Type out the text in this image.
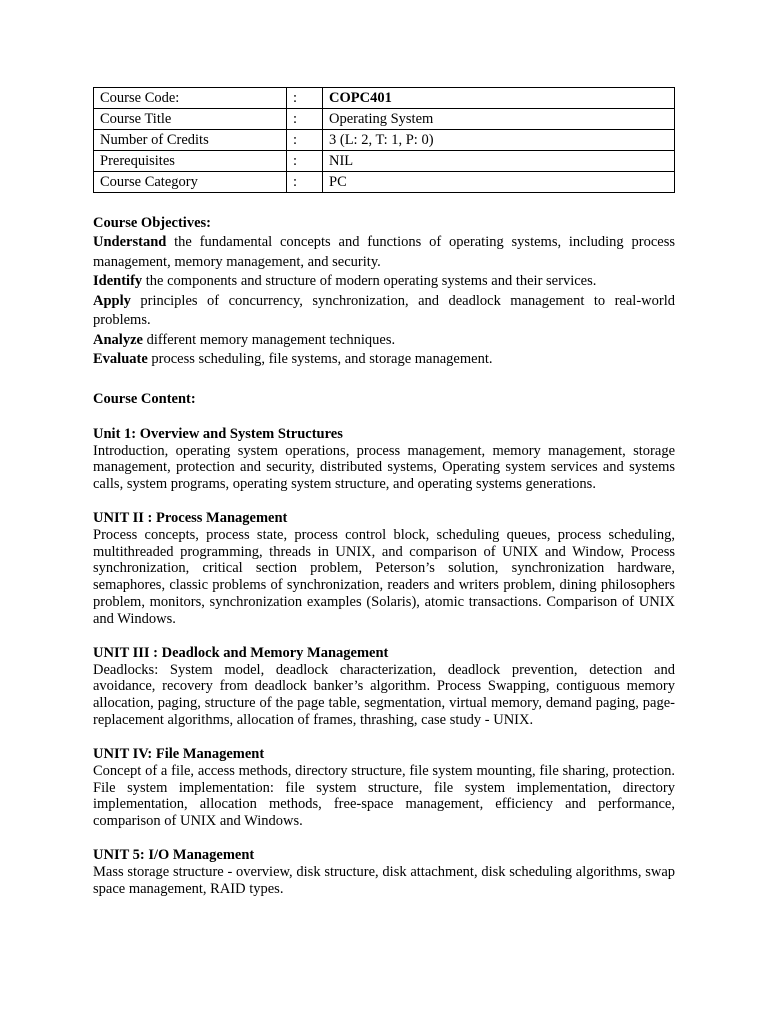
Course Code:	:	COPC401
Course Title	:	Operating System
Number of Credits	:	3 (L: 2, T: 1, P: 0)
Prerequisites	:	NIL
Course Category	:	PC

Course Objectives:

Understand the fundamental concepts and functions of operating systems, including process management, memory management, and security.

Identify the components and structure of modern operating systems and their services.

Apply principles of concurrency, synchronization, and deadlock management to real-world problems.

Analyze different memory management techniques.

Evaluate process scheduling, file systems, and storage management.

Course Content:

Unit 1: Overview and System Structures

Introduction, operating system operations, process management, memory management, storage management, protection and security, distributed systems, Operating system services and systems calls, system programs, operating system structure, and operating systems generations.

UNIT II : Process Management

Process concepts, process state, process control block, scheduling queues, process scheduling, multithreaded programming, threads in UNIX, and comparison of UNIX and Window, Process synchronization, critical section problem, Peterson’s solution, synchronization hardware, semaphores, classic problems of synchronization, readers and writers problem, dining philosophers problem, monitors, synchronization examples (Solaris), atomic transactions. Comparison of UNIX and Windows.

UNIT III : Deadlock and Memory Management

Deadlocks: System model, deadlock characterization, deadlock prevention, detection and avoidance, recovery from deadlock banker’s algorithm. Process Swapping, contiguous memory allocation, paging, structure of the page table, segmentation, virtual memory, demand paging, page-replacement algorithms, allocation of frames, thrashing, case study - UNIX.

UNIT IV: File Management

Concept of a file, access methods, directory structure, file system mounting, file sharing, protection. File system implementation: file system structure, file system implementation, directory implementation, allocation methods, free-space management, efficiency and performance, comparison of UNIX and Windows.

UNIT 5: I/O Management

Mass storage structure - overview, disk structure, disk attachment, disk scheduling algorithms, swap space management, RAID types.
